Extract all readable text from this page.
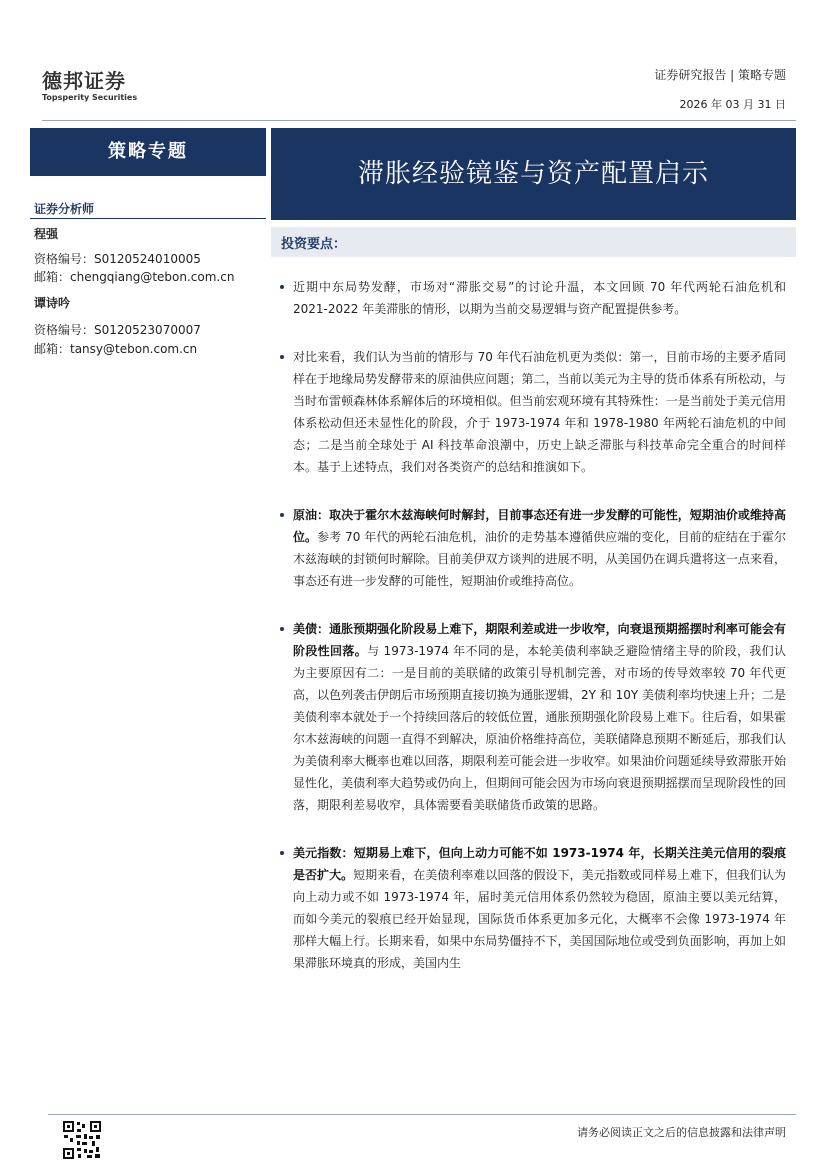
德邦证券
Topsperity Securities
证券研究报告 | 策略专题
2026 年 03 月 31 日
策略专题
滞胀经验镜鉴与资产配置启示
证券分析师
程强
资格编号：S0120524010005
邮箱：chengqiang@tebon.com.cn
谭诗吟
资格编号：S0120523070007
邮箱：tansy@tebon.com.cn
投资要点：
近期中东局势发酵，市场对“滞胀交易”的讨论升温，本文回顾 70 年代两轮石油危机和 2021-2022 年美滞胀的情形，以期为当前交易逻辑与资产配置提供参考。
对比来看，我们认为当前的情形与 70 年代石油危机更为类似：第一，目前市场的主要矛盾同样在于地缘局势发酵带来的原油供应问题；第二，当前以美元为主导的货币体系有所松动，与当时布雷顿森林体系解体后的环境相似。但当前宏观环境有其特殊性：一是当前处于美元信用体系松动但还未显性化的阶段，介于 1973-1974 年和 1978-1980 年两轮石油危机的中间态；二是当前全球处于 AI 科技革命浪潮中，历史上缺乏滞胀与科技革命完全重合的时间样本。基于上述特点，我们对各类资产的总结和推演如下。
原油：取决于霍尔木兹海峡何时解封，目前事态还有进一步发酵的可能性，短期油价或维持高位。参考 70 年代的两轮石油危机，油价的走势基本遵循供应端的变化，目前的症结在于霍尔木兹海峡的封锁何时解除。目前美伊双方谈判的进展不明，从美国仍在调兵遣将这一点来看，事态还有进一步发酵的可能性，短期油价或维持高位。
美债：通胀预期强化阶段易上难下，期限利差或进一步收窄，向衰退预期摇摆时利率可能会有阶段性回落。与 1973-1974 年不同的是，本轮美债利率缺乏避险情绪主导的阶段，我们认为主要原因有二：一是目前的美联储的政策引导机制完善，对市场的传导效率较 70 年代更高，以色列袭击伊朗后市场预期直接切换为通胀逻辑，2Y 和 10Y 美债利率均快速上升；二是美债利率本就处于一个持续回落后的较低位置，通胀预期强化阶段易上难下。往后看，如果霍尔木兹海峡的问题一直得不到解决，原油价格维持高位，美联储降息预期不断延后，那我们认为美债利率大概率也难以回落，期限利差可能会进一步收窄。如果油价问题延续导致滞胀开始显性化，美债利率大趋势或仍向上，但期间可能会因为市场向衰退预期摇摆而呈现阶段性的回落，期限利差易收窄，具体需要看美联储货币政策的思路。
美元指数：短期易上难下，但向上动力可能不如 1973-1974 年，长期关注美元信用的裂痕是否扩大。短期来看，在美债利率难以回落的假设下，美元指数或同样易上难下，但我们认为向上动力或不如 1973-1974 年，届时美元信用体系仍然较为稳固，原油主要以美元结算，而如今美元的裂痕已经开始显现，国际货币体系更加多元化，大概率不会像 1973-1974 年那样大幅上行。长期来看，如果中东局势僵持不下，美国国际地位或受到负面影响，再加上如果滞胀环境真的形成，美国内生
请务必阅读正文之后的信息披露和法律声明
